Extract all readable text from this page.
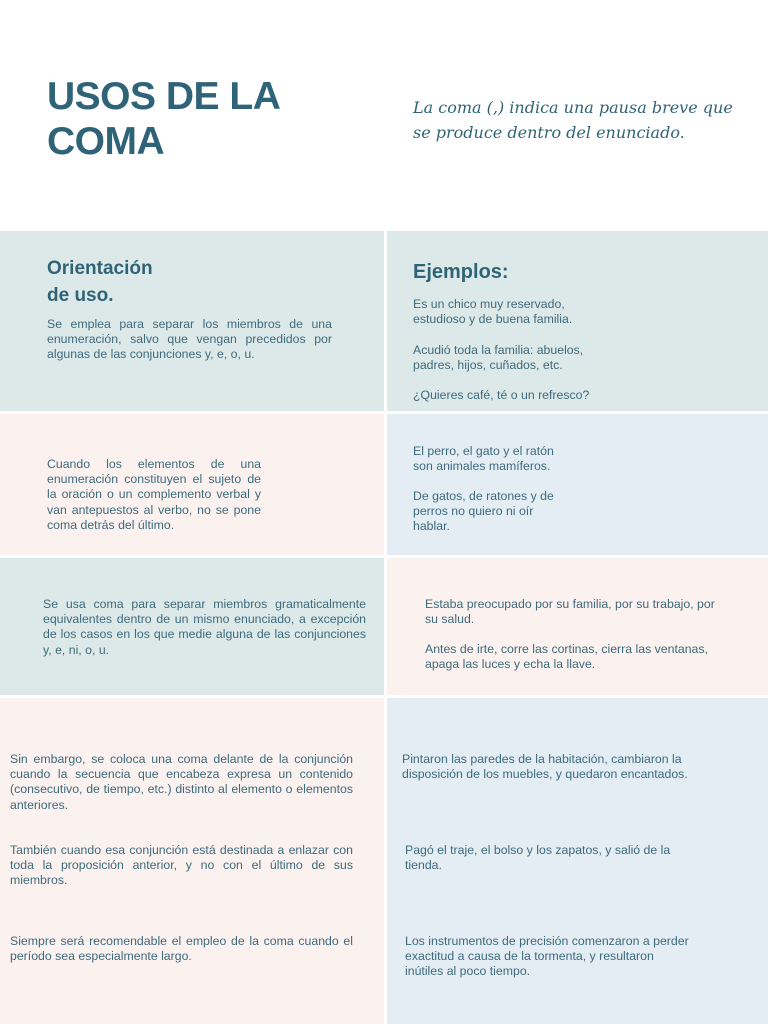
USOS DE LA
COMA
La coma (,) indica una pausa breve que
se produce dentro del enunciado.
Orientación
de uso.

Se emplea para separar los miembros de una enumeración, salvo que vengan precedidos por algunas de las conjunciones y, e, o, u.

Ejemplos:

Es un chico muy reservado,
estudioso y de buena familia.

Acudió toda la familia: abuelos,
padres, hijos, cuñados, etc.

¿Quieres café, té o un refresco?

Cuando los elementos de una enumeración constituyen el sujeto de la oración o un complemento verbal y van antepuestos al verbo, no se pone coma detrás del último.

El perro, el gato y el ratón
son animales mamíferos.

De gatos, de ratones y de
perros no quiero ni oír
hablar.

Se usa coma para separar miembros gramaticalmente equivalentes dentro de un mismo enunciado, a excepción de los casos en los que medie alguna de las conjunciones y, e, ni, o, u.

Estaba preocupado por su familia, por su trabajo, por
su salud.

Antes de irte, corre las cortinas, cierra las ventanas,
apaga las luces y echa la llave.

Sin embargo, se coloca una coma delante de la conjunción cuando la secuencia que encabeza expresa un contenido (consecutivo, de tiempo, etc.) distinto al elemento o elementos anteriores.

También cuando esa conjunción está destinada a enlazar con toda la proposición anterior, y no con el último de sus miembros.

Siempre será recomendable el empleo de la coma cuando el período sea especialmente largo.

Pintaron las paredes de la habitación, cambiaron la
disposición de los muebles, y quedaron encantados.

Pagó el traje, el bolso y los zapatos, y salió de la
tienda.

Los instrumentos de precisión comenzaron a perder
exactitud a causa de la tormenta, y resultaron
inútiles al poco tiempo.
